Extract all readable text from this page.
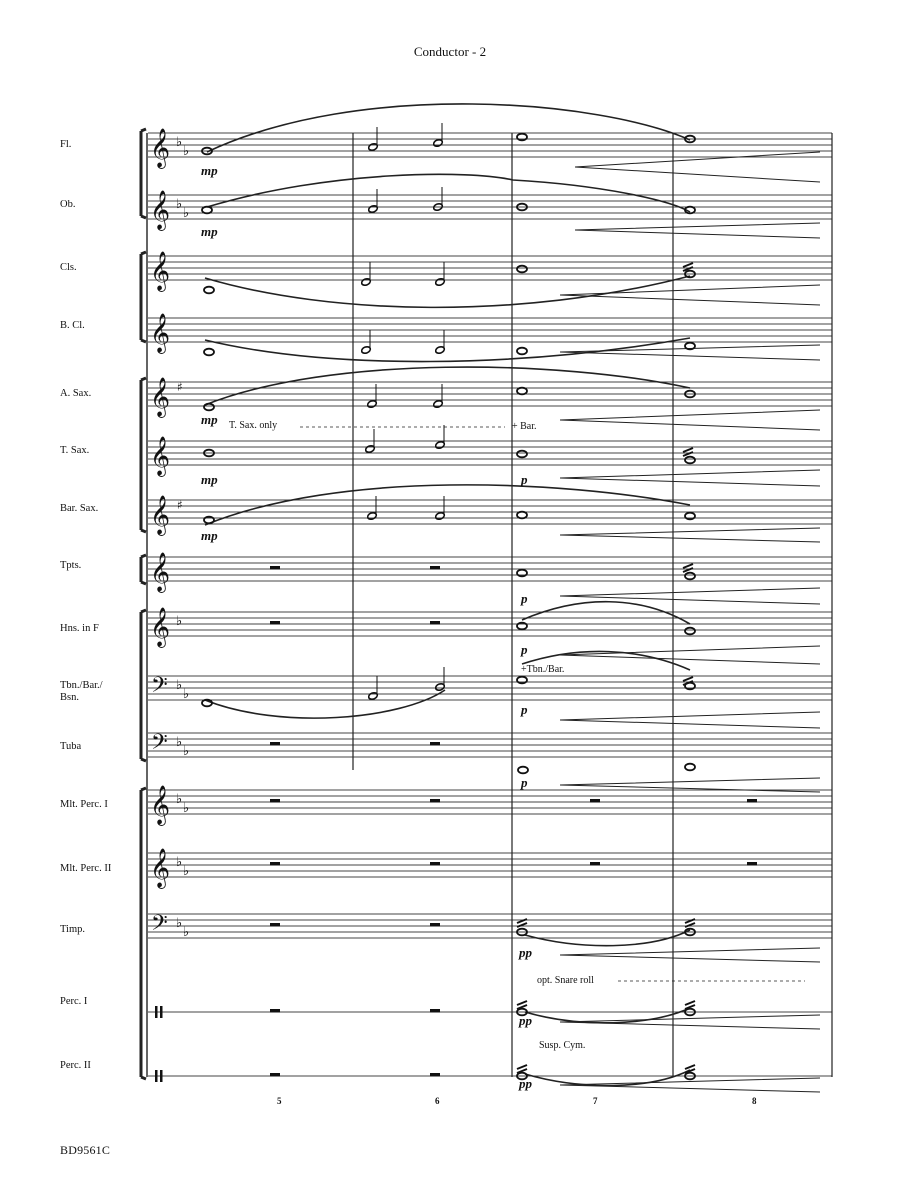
Conductor - 2
Fl.
Ob.
Cls.
B. Cl.
A. Sax.
T. Sax.
Bar. Sax.
Tpts.
Hns. in F
Tbn./Bar./ Bsn.
Tuba
Mlt. Perc. I
Mlt. Perc. II
Timp.
Perc. I
Perc. II
𝄞 ♭
♭
𝄞 ♭
♭
𝄞
𝄞
𝄞 ♯
𝄞
𝄞 ♯
𝄞
𝄞 ♭
𝄢 ♭
♭
𝄢 ♭
♭
𝄞 ♭
♭
𝄞 ♭
♭
𝄢 ♭
♭
mp
mp
mp
mp
mp
p
p
p
p
p
pp
pp
pp
T. Sax. only	+ Bar.
+Tbn./Bar.
opt. Snare roll
Susp. Cym.
5	6	7	8
BD9561C
